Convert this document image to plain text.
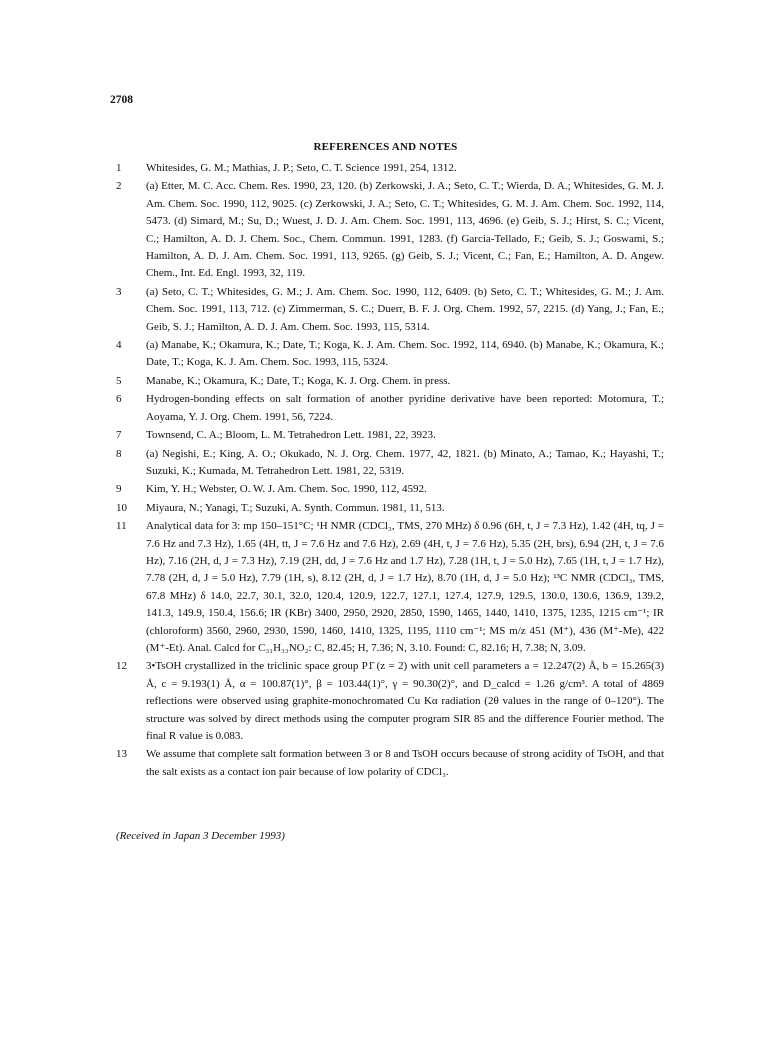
2708
REFERENCES AND NOTES
1	Whitesides, G. M.; Mathias, J. P.; Seto, C. T. Science 1991, 254, 1312.
2	(a) Etter, M. C. Acc. Chem. Res. 1990, 23, 120. (b) Zerkowski, J. A.; Seto, C. T.; Wierda, D. A.; Whitesides, G. M. J. Am. Chem. Soc. 1990, 112, 9025. (c) Zerkowski, J. A.; Seto, C. T.; Whitesides, G. M. J. Am. Chem. Soc. 1992, 114, 5473. (d) Simard, M.; Su, D.; Wuest, J. D. J. Am. Chem. Soc. 1991, 113, 4696. (e) Geib, S. J.; Hirst, S. C.; Vicent, C.; Hamilton, A. D. J. Chem. Soc., Chem. Commun. 1991, 1283. (f) Garcia-Tellado, F.; Geib, S. J.; Goswami, S.; Hamilton, A. D. J. Am. Chem. Soc. 1991, 113, 9265. (g) Geib, S. J.; Vicent, C.; Fan, E.; Hamilton, A. D. Angew. Chem., Int. Ed. Engl. 1993, 32, 119.
3	(a) Seto, C. T.; Whitesides, G. M.; J. Am. Chem. Soc. 1990, 112, 6409. (b) Seto, C. T.; Whitesides, G. M.; J. Am. Chem. Soc. 1991, 113, 712. (c) Zimmerman, S. C.; Duerr, B. F. J. Org. Chem. 1992, 57, 2215. (d) Yang, J.; Fan, E.; Geib, S. J.; Hamilton, A. D. J. Am. Chem. Soc. 1993, 115, 5314.
4	(a) Manabe, K.; Okamura, K.; Date, T.; Koga, K. J. Am. Chem. Soc. 1992, 114, 6940. (b) Manabe, K.; Okamura, K.; Date, T.; Koga, K. J. Am. Chem. Soc. 1993, 115, 5324.
5	Manabe, K.; Okamura, K.; Date, T.; Koga, K. J. Org. Chem. in press.
6	Hydrogen-bonding effects on salt formation of another pyridine derivative have been reported: Motomura, T.; Aoyama, Y. J. Org. Chem. 1991, 56, 7224.
7	Townsend, C. A.; Bloom, L. M. Tetrahedron Lett. 1981, 22, 3923.
8	(a) Negishi, E.; King, A. O.; Okukado, N. J. Org. Chem. 1977, 42, 1821. (b) Minato, A.; Tamao, K.; Hayashi, T.; Suzuki, K.; Kumada, M. Tetrahedron Lett. 1981, 22, 5319.
9	Kim, Y. H.; Webster, O. W. J. Am. Chem. Soc. 1990, 112, 4592.
10	Miyaura, N.; Yanagi, T.; Suzuki, A. Synth. Commun. 1981, 11, 513.
11	Analytical data for 3: mp 150–151°C; ¹H NMR (CDCl₃, TMS, 270 MHz) δ 0.96 (6H, t, J = 7.3 Hz), 1.42 (4H, tq, J = 7.6 Hz and 7.3 Hz), 1.65 (4H, tt, J = 7.6 Hz and 7.6 Hz), 2.69 (4H, t, J = 7.6 Hz), 5.35 (2H, brs), 6.94 (2H, t, J = 7.6 Hz), 7.16 (2H, d, J = 7.3 Hz), 7.19 (2H, dd, J = 7.6 Hz and 1.7 Hz), 7.28 (1H, t, J = 5.0 Hz), 7.65 (1H, t, J = 1.7 Hz), 7.78 (2H, d, J = 5.0 Hz), 7.79 (1H, s), 8.12 (2H, d, J = 1.7 Hz), 8.70 (1H, d, J = 5.0 Hz); ¹³C NMR (CDCl₃, TMS, 67.8 MHz) δ 14.0, 22.7, 30.1, 32.0, 120.4, 120.9, 122.7, 127.1, 127.4, 127.9, 129.5, 130.0, 130.6, 136.9, 139.2, 141.3, 149.9, 150.4, 156.6; IR (KBr) 3400, 2950, 2920, 2850, 1590, 1465, 1440, 1410, 1375, 1235, 1215 cm⁻¹; IR (chloroform) 3560, 2960, 2930, 1590, 1460, 1410, 1325, 1195, 1110 cm⁻¹; MS m/z 451 (M⁺), 436 (M⁺-Me), 422 (M⁺-Et). Anal. Calcd for C₃₁H₃₃NO₂: C, 82.45; H, 7.36; N, 3.10. Found: C, 82.16; H, 7.38; N, 3.09.
12	3•TsOH crystallized in the triclinic space group P1̄ (z = 2) with unit cell parameters a = 12.247(2) Å, b = 15.265(3) Å, c = 9.193(1) Å, α = 100.87(1)°, β = 103.44(1)°, γ = 90.30(2)°, and D_calcd = 1.26 g/cm³. A total of 4869 reflections were observed using graphite-monochromated Cu Kα radiation (2θ values in the range of 0–120°). The structure was solved by direct methods using the computer program SIR 85 and the difference Fourier method. The final R value is 0.083.
13	We assume that complete salt formation between 3 or 8 and TsOH occurs because of strong acidity of TsOH, and that the salt exists as a contact ion pair because of low polarity of CDCl₃.
(Received in Japan 3 December 1993)
